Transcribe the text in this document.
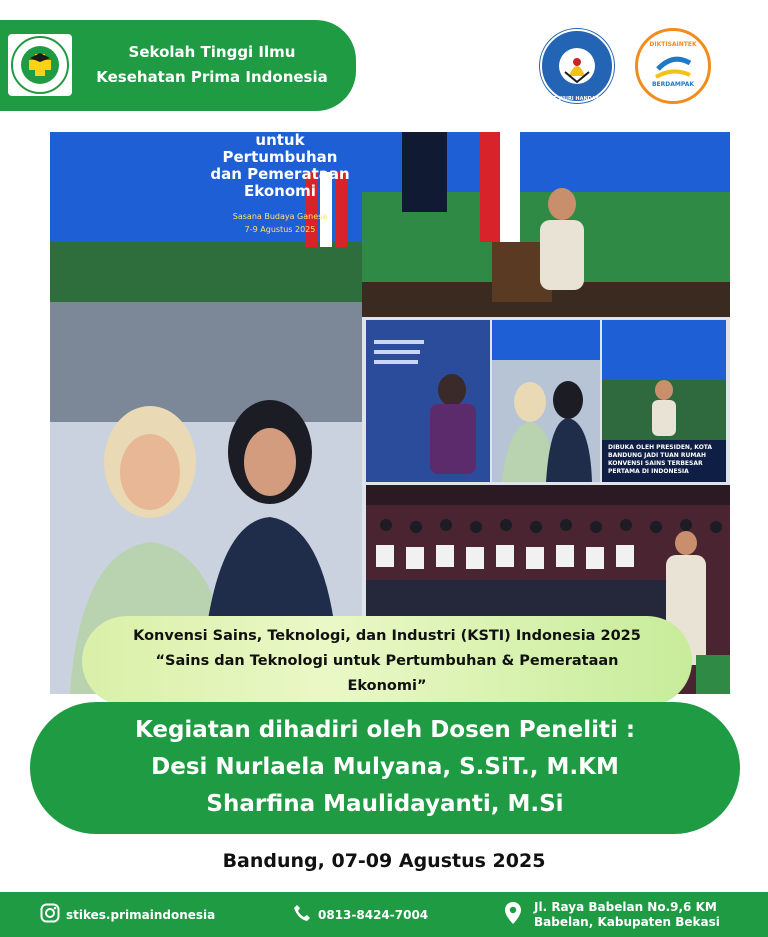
Sekolah Tinggi Ilmu
Kesehatan Prima Indonesia
TUT WURI HANDAYANI
DIKTISAINTEK
BERDAMPAK
untuk Pertumbuhan
dan Pemerataan
Ekonomi
Sasana Budaya Ganesa
7-9 Agustus 2025
DIBUKA OLEH PRESIDEN, KOTA BANDUNG JADI TUAN RUMAH KONVENSI SAINS TERBESAR PERTAMA DI INDONESIA
Konvensi Sains, Teknologi, dan Industri (KSTI) Indonesia 2025
“Sains dan Teknologi untuk Pertumbuhan & Pemerataan
Ekonomi”
Kegiatan dihadiri oleh Dosen Peneliti :
Desi Nurlaela Mulyana, S.SiT., M.KM
Sharfina Maulidayanti, M.Si
Bandung, 07-09 Agustus 2025
stikes.primaindonesia	0813-8424-7004
Jl. Raya Babelan No.9,6 KM
Babelan, Kabupaten Bekasi
